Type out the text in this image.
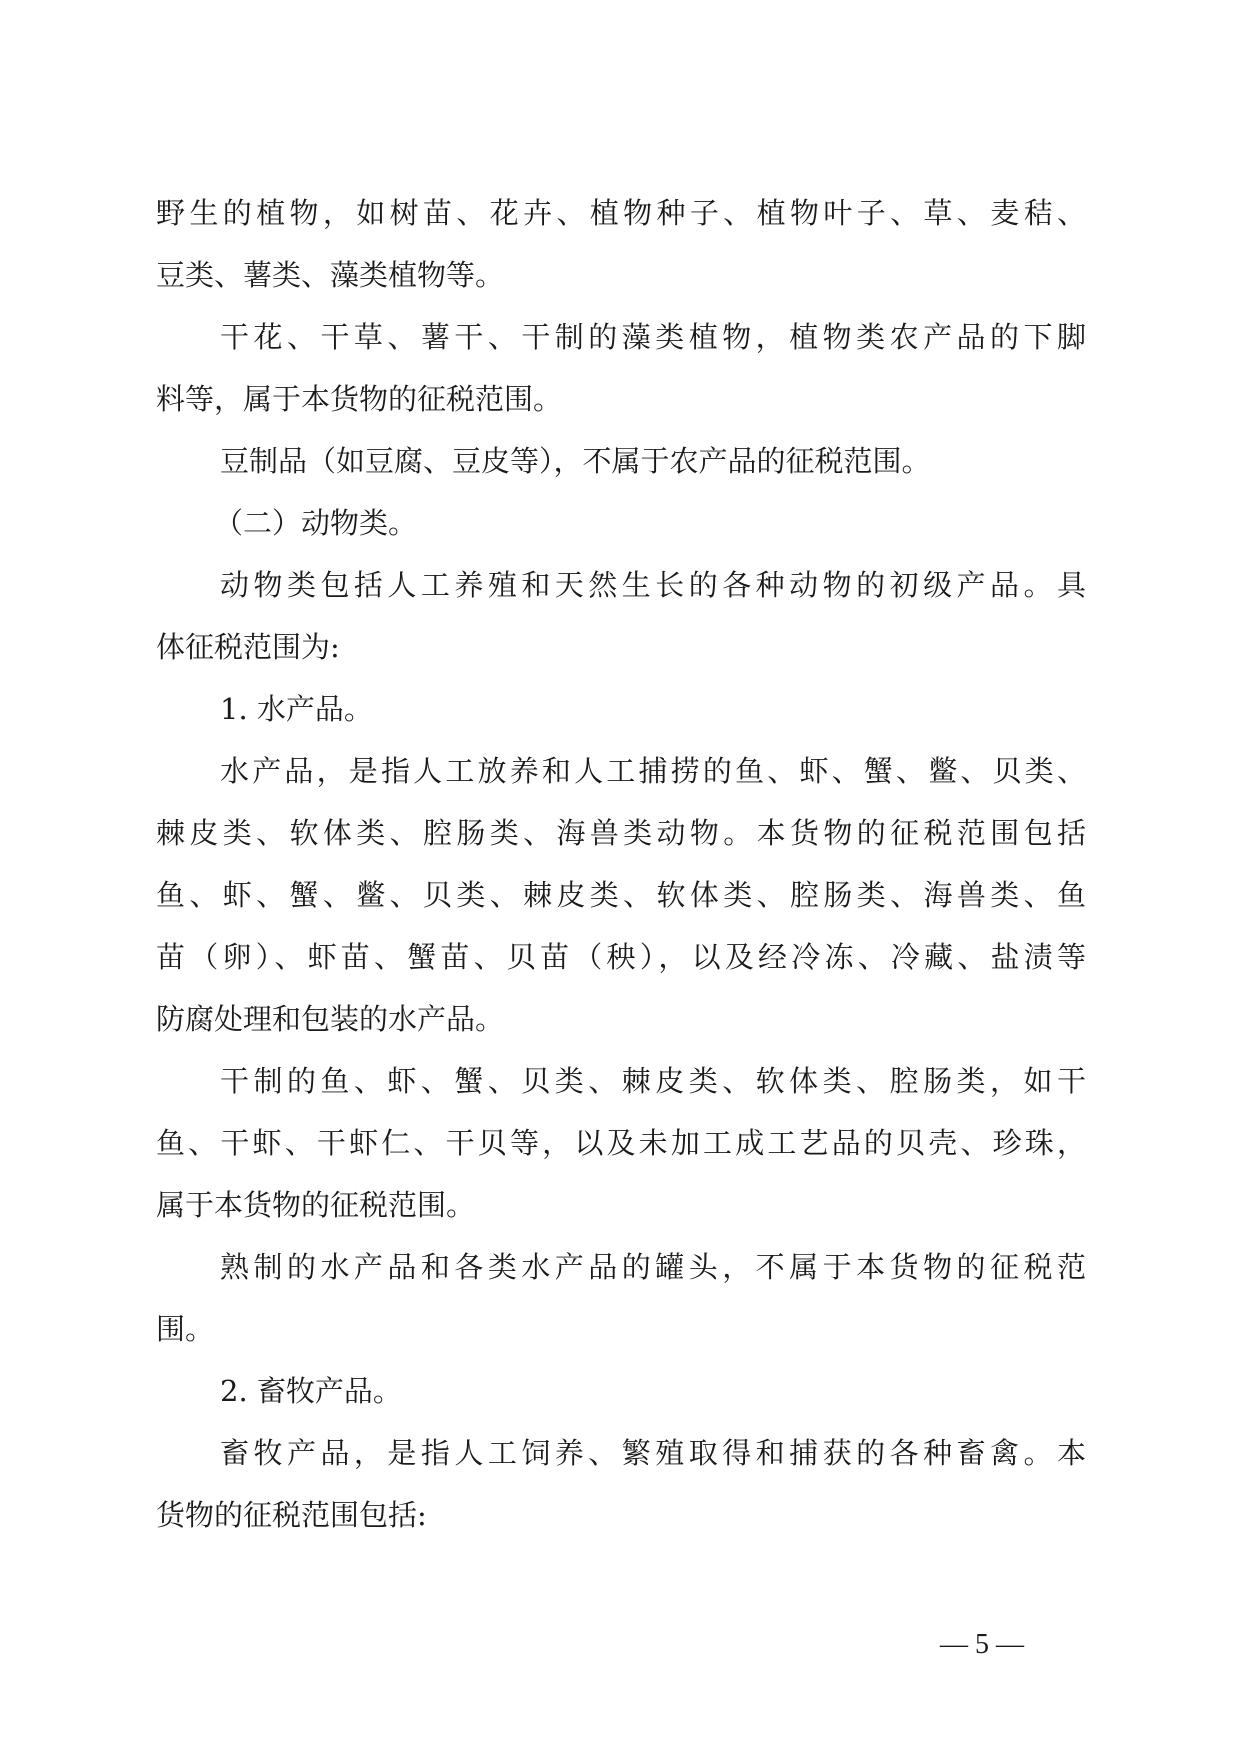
野生的植物，如树苗、花卉、植物种子、植物叶子、草、麦秸、
豆类、薯类、藻类植物等。
干花、干草、薯干、干制的藻类植物，植物类农产品的下脚
料等，属于本货物的征税范围。
豆制品（如豆腐、豆皮等），不属于农产品的征税范围。
（二）动物类。
动物类包括人工养殖和天然生长的各种动物的初级产品。具
体征税范围为:
1. 水产品。
水产品，是指人工放养和人工捕捞的鱼、虾、蟹、鳖、贝类、
棘皮类、软体类、腔肠类、海兽类动物。本货物的征税范围包括
鱼、虾、蟹、鳖、贝类、棘皮类、软体类、腔肠类、海兽类、鱼
苗（卵）、虾苗、蟹苗、贝苗（秧），以及经冷冻、冷藏、盐渍等
防腐处理和包装的水产品。
干制的鱼、虾、蟹、贝类、棘皮类、软体类、腔肠类，如干
鱼、干虾、干虾仁、干贝等，以及未加工成工艺品的贝壳、珍珠，
属于本货物的征税范围。
熟制的水产品和各类水产品的罐头，不属于本货物的征税范
围。
2. 畜牧产品。
畜牧产品，是指人工饲养、繁殖取得和捕获的各种畜禽。本
货物的征税范围包括:
— 5 —
